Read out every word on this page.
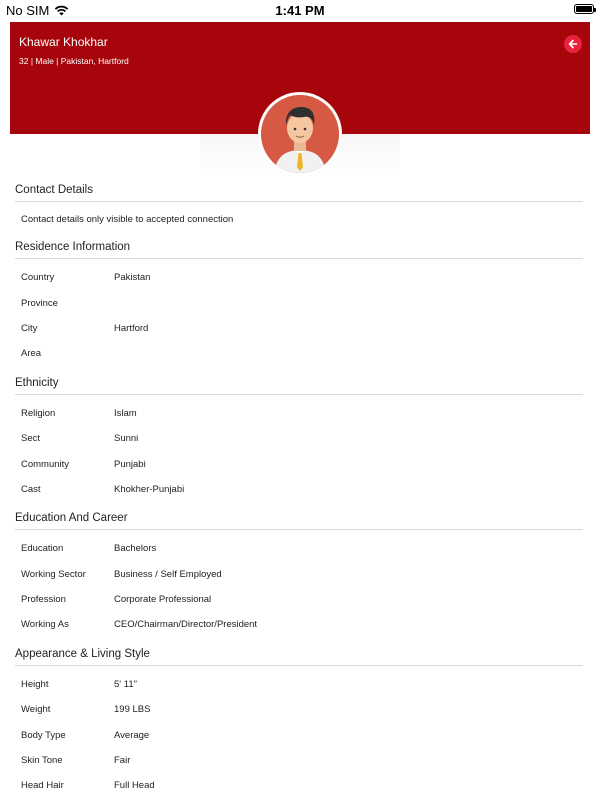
No SIM	1:41 PM
Khawar Khokhar
32 | Male | Pakistan, Hartford
Contact Details
Contact details only visible to accepted connection
Residence Information
Country	Pakistan
Province
City	Hartford
Area
Ethnicity
Religion	Islam
Sect	Sunni
Community	Punjabi
Cast	Khokher-Punjabi
Education And Career
Education	Bachelors
Working Sector	Business / Self Employed
Profession	Corporate Professional
Working As	CEO/Chairman/Director/President
Appearance & Living Style
Height	5' 11"
Weight	199 LBS
Body Type	Average
Skin Tone	Fair
Head Hair	Full Head
